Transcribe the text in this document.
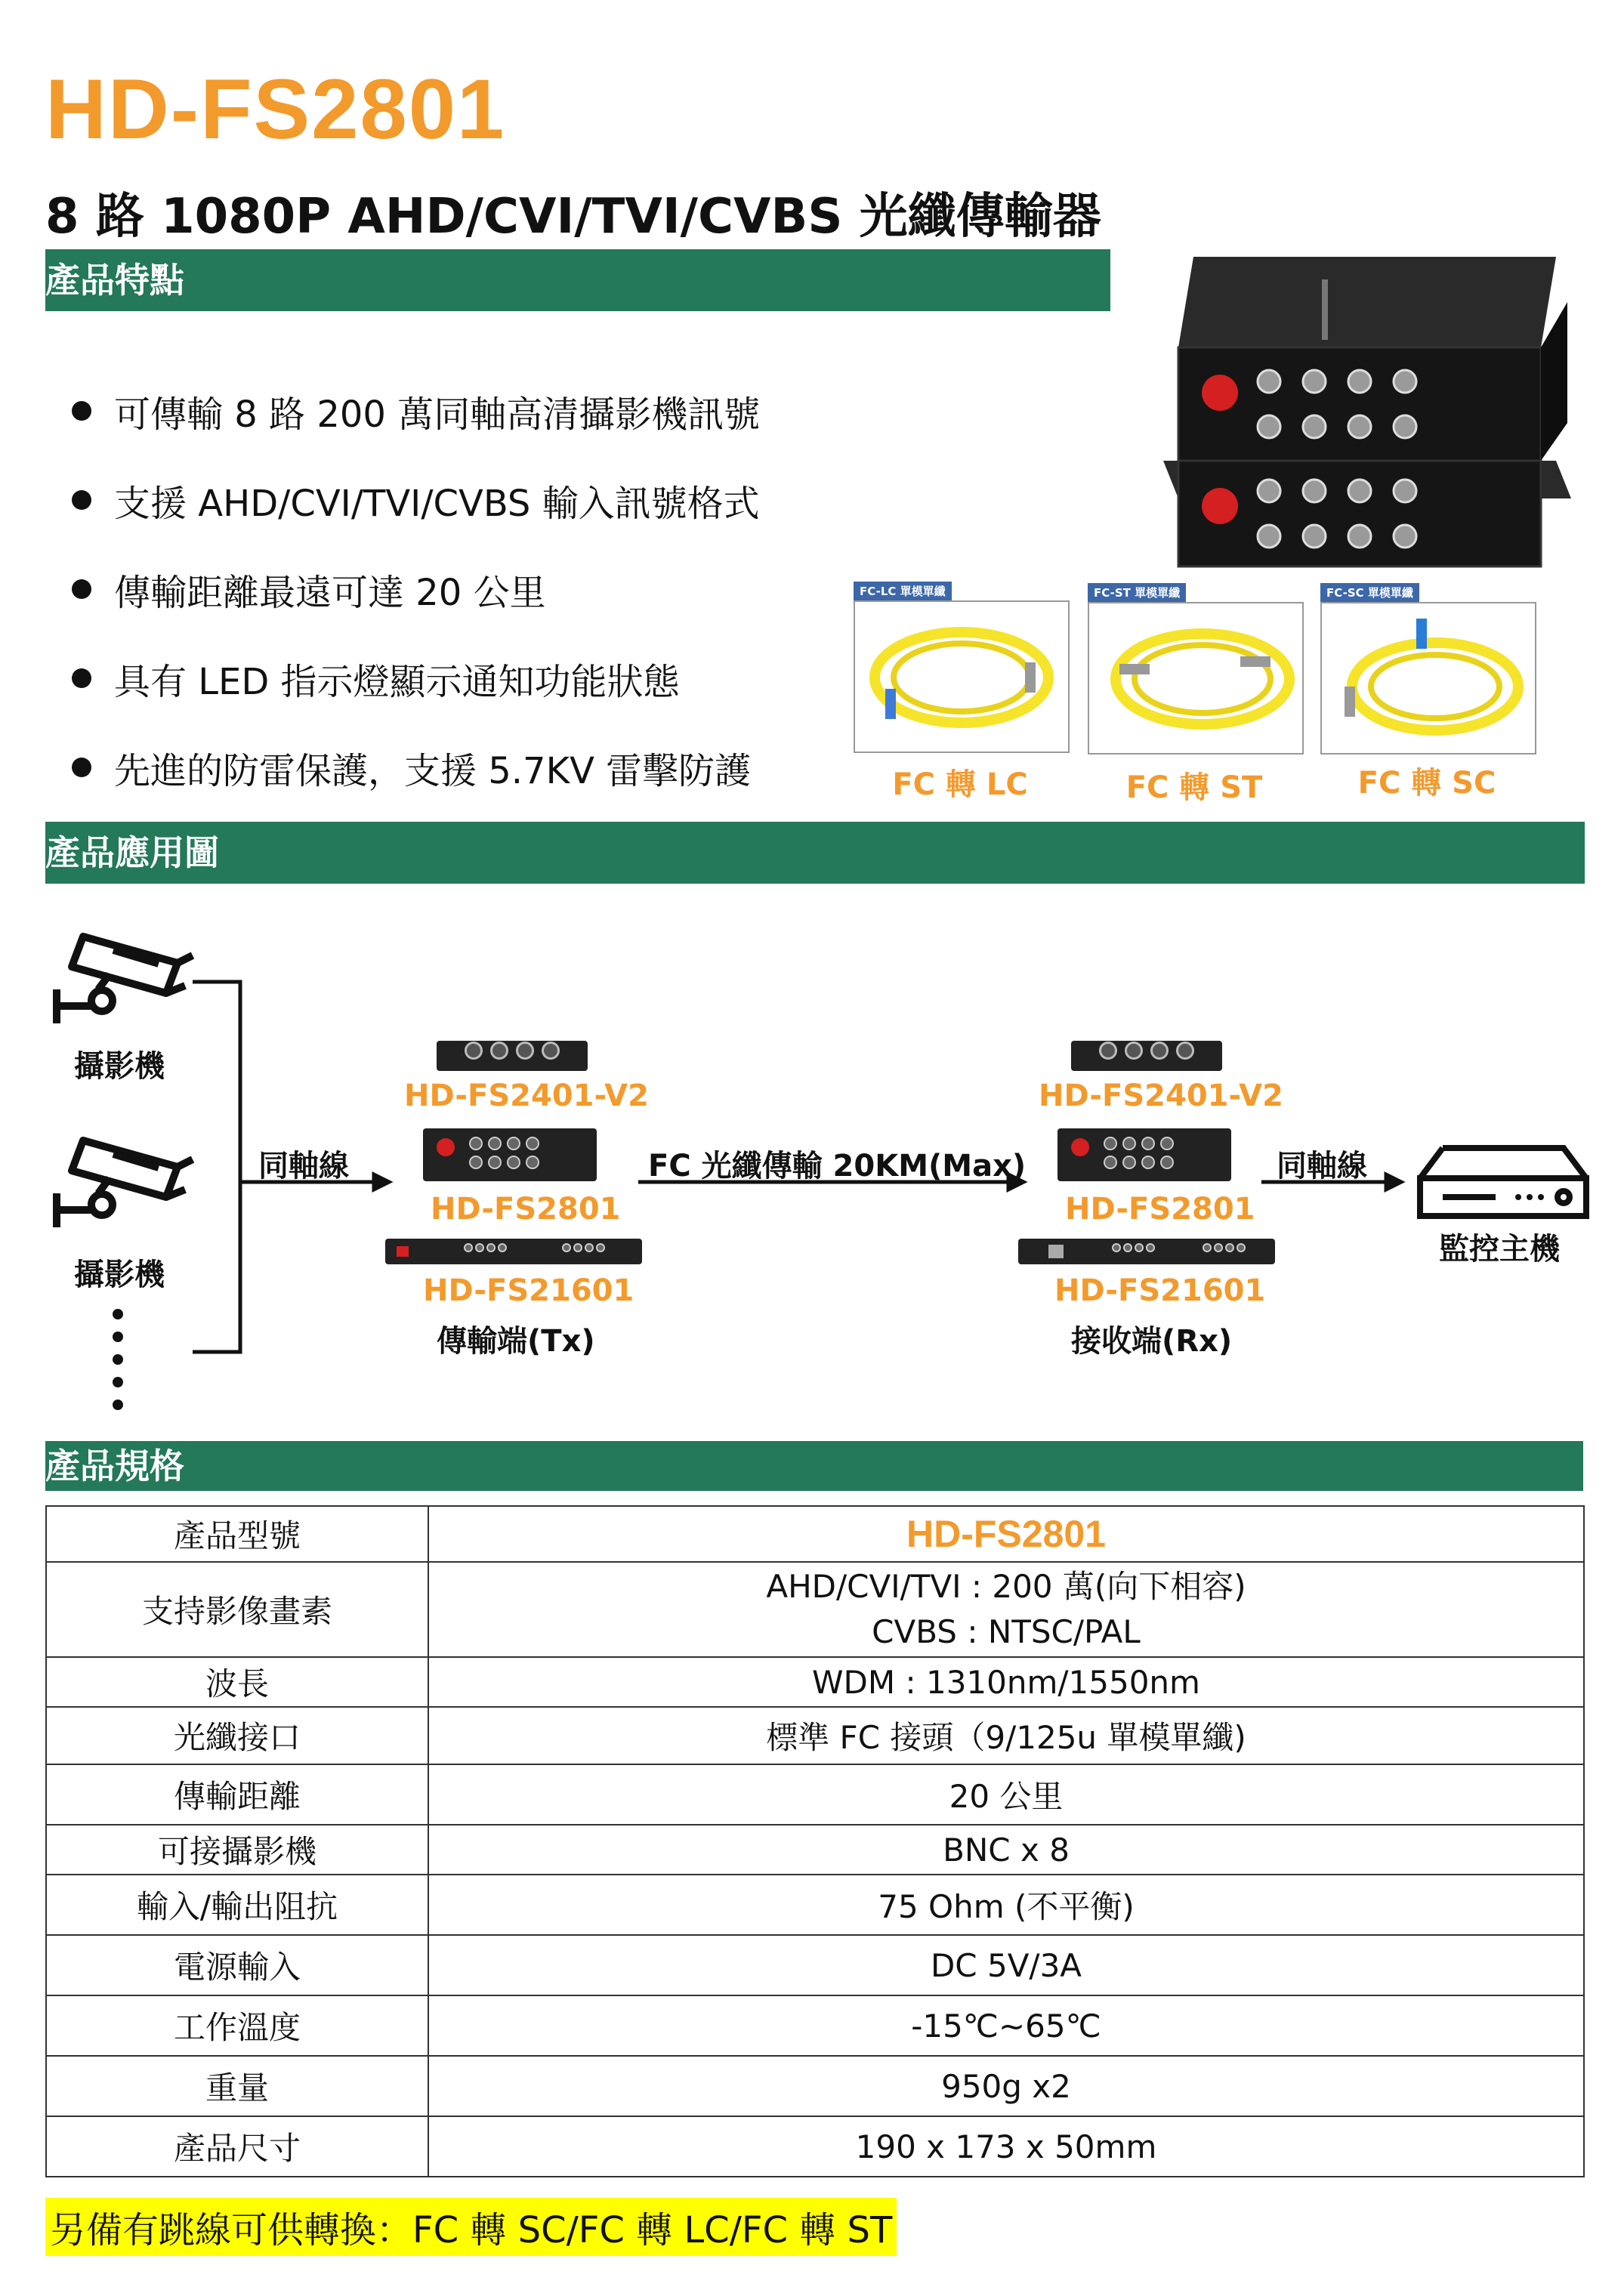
HD-FS2801
8 路 1080P AHD/CVI/TVI/CVBS 光纖傳輸器
產品特點
可傳輸 8 路 200 萬同軸高清攝影機訊號
支援 AHD/CVI/TVI/CVBS 輸入訊號格式
傳輸距離最遠可達 20 公里
具有 LED 指示燈顯示通知功能狀態
先進的防雷保護，支援 5.7KV 雷擊防護
FC-LC 單模單纖
FC 轉 LC
FC-ST 單模單纖
FC 轉 ST
FC-SC 單模單纖
FC 轉 SC
產品應用圖
攝影機
攝影機
同軸線	FC 光纖傳輸 20KM(Max)	同軸線
HD-FS2401-V2
HD-FS2801
HD-FS21601
傳輸端(Tx)
HD-FS2401-V2
HD-FS2801
HD-FS21601
接收端(Rx)
監控主機
產品規格
產品型號	HD-FS2801
支持影像畫素	AHD/CVI/TVI : 200 萬(向下相容)
CVBS : NTSC/PAL

波長	WDM : 1310nm/1550nm
光纖接口	標準 FC 接頭（9/125u 單模單纖)
傳輸距離	20 公里
可接攝影機	BNC x 8
輸入/輸出阻抗	75 Ohm (不平衡)
電源輸入	DC 5V/3A
工作溫度	-15℃~65℃
重量	950g x2
產品尺寸	190 x 173 x 50mm
另備有跳線可供轉換：FC 轉 SC/FC 轉 LC/FC 轉 ST
